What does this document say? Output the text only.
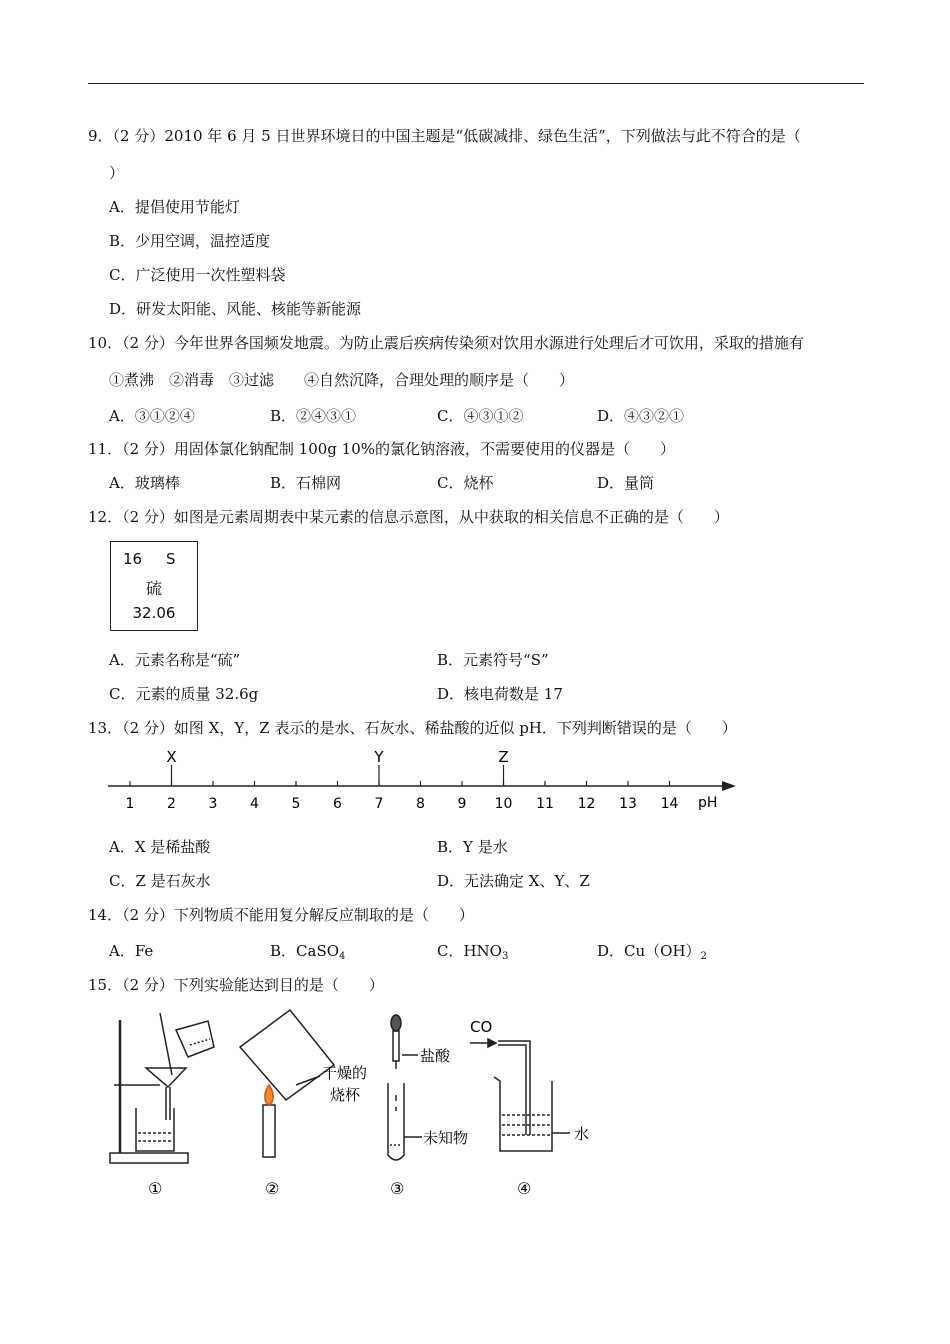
9．（2 分）2010 年 6 月 5 日世界环境日的中国主题是“低碳减排、绿色生活”，下列做法与此不符合的是（
）
A．提倡使用节能灯
B．少用空调，温控适度
C．广泛使用一次性塑料袋
D．研发太阳能、风能、核能等新能源
10．（2 分）今年世界各国频发地震。为防止震后疾病传染须对饮用水源进行处理后才可饮用，采取的措施有
①煮沸　②消毒　③过滤　　④自然沉降，合理处理的顺序是（　　）
A．③①②④	B．②④③①	C．④③①②	D．④③②①
11．（2 分）用固体氯化钠配制 100g 10%的氯化钠溶液，不需要使用的仪器是（　　）
A．玻璃棒	B．石棉网	C．烧杯	D．量筒
12．（2 分）如图是元素周期表中某元素的信息示意图，从中获取的相关信息不正确的是（　　）
16 S
硫
32.06
A．元素名称是“硫”	B．元素符号“S”
C．元素的质量 32.6g	D．核电荷数是 17
13．（2 分）如图 X，Y，Z 表示的是水、石灰水、稀盐酸的近似 pH．下列判断错误的是（　　）
1 2 3 4 5 6 7 8 9 10 11 12 13 14
X	Y	Z
pH
A．X 是稀盐酸	B．Y 是水
C．Z 是石灰水	D．无法确定 X、Y、Z
14．（2 分）下列物质不能用复分解反应制取的是（　　）
A．Fe	B．CaSO$_4$	C．$HNO_3$	D．$Cu(OH)_2$
15．（2 分）下列实验能达到目的是（　　）
干燥的
烧杯
盐酸
未知物
CO
水
①	②	③	④
